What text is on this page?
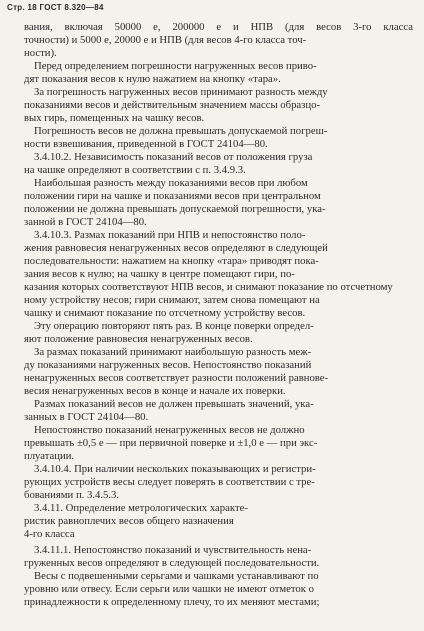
Стр. 18 ГОСТ 8.320—84
вания, включая 50000 e, 200000 e и НПВ (для весов 3-го класса
точности) и 5000 e, 20000 e и НПВ (для весов 4-го класса точ-
ности).
Перед определением погрешности нагруженных весов приво-
дят показания весов к нулю нажатием на кнопку «тара».
За погрешность нагруженных весов принимают разность между
показаниями весов и действительным значением массы образцо-
вых гирь, помещенных на чашку весов.
Погрешность весов не должна превышать допускаемой погреш-
ности взвешивания, приведенной в ГОСТ 24104—80.
3.4.10.2. Независимость показаний весов от положения груза
на чашке определяют в соответствии с п. 3.4.9.3.
Наибольшая разность между показаниями весов при любом
положении гири на чашке и показаниями весов при центральном
положении не должна превышать допускаемой погрешности, ука-
занной в ГОСТ 24104—80.
3.4.10.3. Размах показаний при НПВ и непостоянство поло-
жения равновесия ненагруженных весов определяют в следующей
последовательности: нажатием на кнопку «тара» приводят пока-
зания весов к нулю; на чашку в центре помещают гири, по-
казания которых соответствуют НПВ весов, и снимают показание по отсчетному
ному устройству несов; гири снимают, затем снова помещают на
чашку и снимают показание по отсчетному устройству весов.
Эту операцию повторяют пять раз. В конце поверки определ-
яют положение равновесия ненагруженных весов.
За размах показаний принимают наибольшую разность меж-
ду показаниями нагруженных весов. Непостоянство показаний
ненагруженных весов соответствует разности положений равнове-
весия ненагруженных весов в конце и начале их поверки.
Размах показаний весов не должен превышать значений, ука-
занных в ГОСТ 24104—80.
Непостоянство показаний ненагруженных весов не должно
превышать ±0,5 e — при первичной поверке и ±1,0 e — при экс-
плуатации.
3.4.10.4. При наличии нескольких показывающих и регистри-
рующих устройств весы следует поверять в соответствии с тре-
бованиями п. 3.4.5.3.
3.4.11. Определение метрологических характе-
ристик равноплечих весов общего назначения
4-го класса
3.4.11.1. Непостоянство показаний и чувствительность нена-
груженных весов определяют в следующей последовательности.
Весы с подвешенными серьгами и чашками устанавливают по
уровню или отвесу. Если серьги или чашки не имеют отметок о
принадлежности к определенному плечу, то их меняют местами;
